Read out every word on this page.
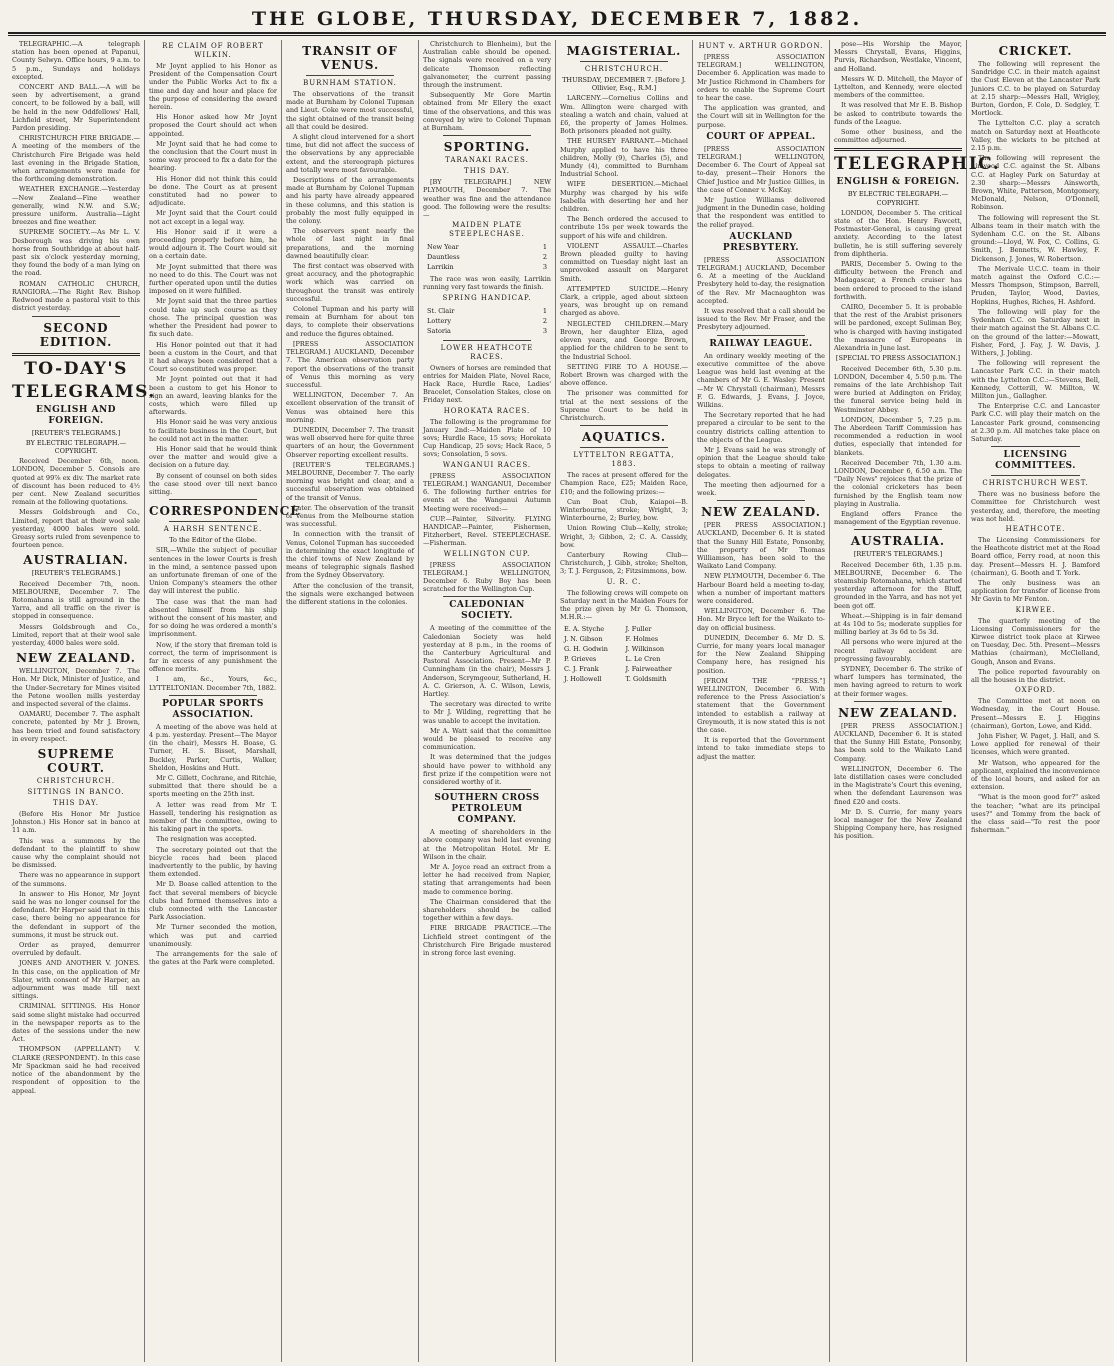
THE GLOBE, THURSDAY, DECEMBER 7, 1882.

TELEGRAPHIC.—A telegraph station has been opened at Papanui, County Selwyn. Office hours, 9 a.m. to 5 p.m., Sundays and holidays excepted.

CONCERT AND BALL.—A will be seen by advertisement, a grand concert, to be followed by a ball, will be held in the new Oddfellows' Hall, Lichfield street, Mr Superintendent Pardon presiding.

CHRISTCHURCH FIRE BRIGADE.—A meeting of the members of the Christchurch Fire Brigade was held last evening in the Brigade Station, when arrangements were made for the forthcoming demonstration.

WEATHER EXCHANGE.—Yesterday—New Zealand—Fine weather generally, wind N.W. and S.W.; pressure uniform. Australia—Light breezes and fine weather.

SUPREME SOCIETY.—As Mr L. V. Desborough was driving his own horse from Southbridge at about half-past six o'clock yesterday morning, they found the body of a man lying on the road.

ROMAN CATHOLIC CHURCH, RANGIORA.—The Right Rev. Bishop Redwood made a pastoral visit to this district yesterday.

SECOND EDITION.
TO-DAY'S
TELEGRAMS.
ENGLISH AND FOREIGN.
[REUTER'S TELEGRAMS.]
BY ELECTRIC TELEGRAPH.—COPYRIGHT.

Received December 6th, noon. LONDON, December 5. Consols are quoted at 99⅞ ex div. The market rate of discount has been reduced to 4½ per cent. New Zealand securities remain at the following quotations.

Messrs Goldsbrough and Co., Limited, report that at their wool sale yesterday, 4000 bales were sold. Greasy sorts ruled from sevenpence to fourteen pence.

AUSTRALIAN.
[REUTER'S TELEGRAMS.]

Received December 7th, noon. MELBOURNE, December 7. The Rotomahana is still aground in the Yarra, and all traffic on the river is stopped in consequence.

Messrs Goldsbrough and Co., Limited, report that at their wool sale yesterday, 4000 bales were sold.

NEW ZEALAND.

WELLINGTON, December 7. The Hon. Mr Dick, Minister of Justice, and the Under-Secretary for Mines visited the Petone woollen mills yesterday and inspected several of the claims.

OAMARU, December 7. The asphalt concrete, patented by Mr J. Brown, has been tried and found satisfactory in every respect.

SUPREME COURT.
CHRISTCHURCH.
SITTINGS IN BANCO.
THIS DAY.

(Before His Honor Mr Justice Johnston.) His Honor sat in banco at 11 a.m.

This was a summons by the defendant to the plaintiff to show cause why the complaint should not be dismissed.

There was no appearance in support of the summons.

In answer to His Honor, Mr Joynt said he was no longer counsel for the defendant. Mr Harper said that in this case, there being no appearance for the defendant in support of the summons, it must be struck out.

Order as prayed, demurrer overruled by default.

JONES AND ANOTHER V. JONES. In this case, on the application of Mr Slater, with consent of Mr Harper, an adjournment was made till next sittings.

CRIMINAL SITTINGS. His Honor said some slight mistake had occurred in the newspaper reports as to the dates of the sessions under the new Act.

THOMPSON (APPELLANT) V. CLARKE (RESPONDENT). In this case Mr Spackman said he had received notice of the abandonment by the respondent of opposition to the appeal.

RE CLAIM OF ROBERT WILKIN.

Mr Joynt applied to his Honor as President of the Compensation Court under the Public Works Act to fix a time and day and hour and place for the purpose of considering the award herein.

His Honor asked how Mr Joynt proposed the Court should act when appointed.

Mr Joynt said that he had come to the conclusion that the Court must in some way proceed to fix a date for the hearing.

His Honor did not think this could be done. The Court as at present constituted had no power to adjudicate.

Mr Joynt said that the Court could not act except in a legal way.

His Honor said if it were a proceeding properly before him, he would adjourn it. The Court would sit on a certain date.

Mr Joynt submitted that there was no need to do this. The Court was not further operated upon until the duties imposed on it were fulfilled.

Mr Joynt said that the three parties could take up such course as they chose. The principal question was whether the President had power to fix such date.

His Honor pointed out that it had been a custom in the Court, and that it had always been considered that a Court so constituted was proper.

Mr Joynt pointed out that it had been a custom to get his Honor to sign an award, leaving blanks for the costs, which were filled up afterwards.

His Honor said he was very anxious to facilitate business in the Court, but he could not act in the matter.

His Honor said that he would think over the matter and would give a decision on a future day.

By consent of counsel on both sides the case stood over till next banco sitting.

CORRESPONDENCE
A HARSH SENTENCE.
To the Editor of the Globe.

SIR,—While the subject of peculiar sentences in the lower Courts is fresh in the mind, a sentence passed upon an unfortunate fireman of one of the Union Company's steamers the other day will interest the public.

The case was that the man had absented himself from his ship without the consent of his master, and for so doing he was ordered a month's imprisonment.

Now, if the story that fireman told is correct, the term of imprisonment is far in excess of any punishment the offence merits.

I am, &c., Yours, &c., LYTTELTONIAN. December 7th, 1882.

POPULAR SPORTS ASSOCIATION.

A meeting of the above was held at 4 p.m. yesterday. Present—The Mayor (in the chair), Messrs H. Boase, G. Turner, H. S. Bisset, Marshall, Buckley, Parker, Curtis, Walker, Sheldon, Hoskins and Hutt.

Mr C. Gillett, Cochrane, and Ritchie, submitted that there should be a sports meeting on the 25th inst.

A letter was read from Mr T. Hassell, tendering his resignation as member of the committee, owing to his taking part in the sports.

The resignation was accepted.

The secretary pointed out that the bicycle races had been placed inadvertently to the public, by having them extended.

Mr D. Boase called attention to the fact that several members of bicycle clubs had formed themselves into a club connected with the Lancaster Park Association.

Mr Turner seconded the motion, which was put and carried unanimously.

The arrangements for the sale of the gates at the Park were completed.

TRANSIT OF VENUS.
BURNHAM STATION.

The observations of the transit made at Burnham by Colonel Tupman and Lieut. Coke were most successful, the sight obtained of the transit being all that could be desired.

A slight cloud intervened for a short time, but did not affect the success of the observations by any appreciable extent, and the stereograph pictures and totally were most favourable.

Descriptions of the arrangements made at Burnham by Colonel Tupman and his party have already appeared in these columns, and this station is probably the most fully equipped in the colony.

The observers spent nearly the whole of last night in final preparations, and the morning dawned beautifully clear.

The first contact was observed with great accuracy, and the photographic work which was carried on throughout the transit was entirely successful.

Colonel Tupman and his party will remain at Burnham for about ten days, to complete their observations and reduce the figures obtained.

[PRESS ASSOCIATION TELEGRAM.] AUCKLAND, December 7. The American observation party report the observations of the transit of Venus this morning as very successful.

WELLINGTON, December 7. An excellent observation of the transit of Venus was obtained here this morning.

DUNEDIN, December 7. The transit was well observed here for quite three quarters of an hour, the Government Observer reporting excellent results.

[REUTER'S TELEGRAMS.] MELBOURNE, December 7. The early morning was bright and clear, and a successful observation was obtained of the transit of Venus.

Later. The observation of the transit of Venus from the Melbourne station was successful.

In connection with the transit of Venus, Colonel Tupman has succeeded in determining the exact longitude of the chief towns of New Zealand by means of telegraphic signals flashed from the Sydney Observatory.

After the conclusion of the transit, the signals were exchanged between the different stations in the colonies.

Christchurch to Blenheim), but the Australian cable should be opened. The signals were received on a very delicate Thomson reflecting galvanometer, the current passing through the instrument.

Subsequently Mr Gore Martin obtained from Mr Ellery the exact time of the observations, and this was conveyed by wire to Colonel Tupman at Burnham.

SPORTING.
TARANAKI RACES.
THIS DAY.

[BY TELEGRAPH.] NEW PLYMOUTH, December 7. The weather was fine and the attendance good. The following were the results:—

MAIDEN PLATE STEEPLECHASE.
New Year	1
Dauntless	2
Larrikin	3

The race was won easily, Larrikin running very fast towards the finish.

SPRING HANDICAP.
St. Clair	1
Lottery	2
Satoria	3
LOWER HEATHCOTE RACES.

Owners of horses are reminded that entries for Maiden Plate, Novel Race, Hack Race, Hurdle Race, Ladies' Bracelet, Consolation Stakes, close on Friday next.

HOROKATA RACES.

The following is the programme for January 2nd:—Maiden Plate of 10 sovs; Hurdle Race, 15 sovs; Horokata Cup Handicap, 25 sovs; Hack Race, 5 sovs; Consolation, 5 sovs.

WANGANUI RACES.

[PRESS ASSOCIATION TELEGRAM.] WANGANUI, December 6. The following further entries for events at the Wanganui Autumn Meeting were received:—

CUP.—Painter, Silverity. FLYING HANDICAP.—Painter, Fishermen, Fitzherbert, Revel. STEEPLECHASE.—Fisherman.

WELLINGTON CUP.

[PRESS ASSOCIATION TELEGRAM.] WELLINGTON, December 6. Ruby Boy has been scratched for the Wellington Cup.

CALEDONIAN SOCIETY.

A meeting of the committee of the Caledonian Society was held yesterday at 8 p.m., in the rooms of the Canterbury Agricultural and Pastoral Association. Present—Mr P. Cunningham (in the chair), Messrs J. Anderson, Scrymgeour, Sutherland, H. A. C. Grierson, A. C. Wilson, Lewis, Hartley.

The secretary was directed to write to Mr J. Wilding, regretting that he was unable to accept the invitation.

Mr A. Watt said that the committee would be pleased to receive any communication.

It was determined that the judges should have power to withhold any first prize if the competition were not considered worthy of it.

SOUTHERN CROSS PETROLEUM COMPANY.

A meeting of shareholders in the above company was held last evening at the Metropolitan Hotel. Mr E. Wilson in the chair.

Mr A. Joyce read an extract from a letter he had received from Napier, stating that arrangements had been made to commence boring.

The Chairman considered that the shareholders should be called together within a few days.

FIRE BRIGADE PRACTICE.—The Lichfield street contingent of the Christchurch Fire Brigade mustered in strong force last evening.

MAGISTERIAL.
CHRISTCHURCH.
THURSDAY, DECEMBER 7. [Before J. Ollivier, Esq., R.M.]

LARCENY.—Cornelius Collins and Wm. Allington were charged with stealing a watch and chain, valued at £6, the property of James Holmes. Both prisoners pleaded not guilty.

THE HURSEY FARRANT.—Michael Murphy applied to have his three children, Molly (9), Charles (5), and Mundy (4), committed to Burnham Industrial School.

WIFE DESERTION.—Michael Murphy was charged by his wife Isabella with deserting her and her children.

The Bench ordered the accused to contribute 15s per week towards the support of his wife and children.

VIOLENT ASSAULT.—Charles Brown pleaded guilty to having committed on Tuesday night last an unprovoked assault on Margaret Smith.

ATTEMPTED SUICIDE.—Henry Clark, a cripple, aged about sixteen years, was brought up on remand charged as above.

NEGLECTED CHILDREN.—Mary Brown, her daughter Eliza, aged eleven years, and George Brown, applied for the children to be sent to the Industrial School.

SETTING FIRE TO A HOUSE.—Robert Brown was charged with the above offence.

The prisoner was committed for trial at the next sessions of the Supreme Court to be held in Christchurch.

AQUATICS.
LYTTELTON REGATTA, 1883.

The races at present offered for the Champion Race, £25; Maiden Race, £10; and the following prizes:—

Cun Boat Club, Kaiapoi—B. Winterbourne, stroke; Wright, 3; Winterbourne, 2; Burley, bow.

Union Rowing Club—Kelly, stroke; Wright, 3; Gibbon, 2; C. A. Cassidy, bow.

Canterbury Rowing Club—Christchurch, J. Gibb, stroke; Shelton, 3; T. J. Ferguson, 2; Fitzsimmons, bow.

U. R. C.

The following crews will compete on Saturday next in the Maiden Fours for the prize given by Mr G. Thomson, M.H.R.:—

E. A. Styche	J. Fuller
J. N. Gibson	F. Holmes
G. H. Godwin	J. Wilkinson
P. Grieves	L. Le Cren
C. J. Frank	J. Fairweather
J. Hollowell	T. Goldsmith
HUNT v. ARTHUR GORDON.

[PRESS ASSOCIATION TELEGRAM.] WELLINGTON, December 6. Application was made to Mr Justice Richmond in Chambers for orders to enable the Supreme Court to hear the case.

The application was granted, and the Court will sit in Wellington for the purpose.

COURT OF APPEAL.

[PRESS ASSOCIATION TELEGRAM.] WELLINGTON, December 6. The Court of Appeal sat to-day, present—Their Honors the Chief Justice and Mr Justice Gillies, in the case of Conner v. McKay.

Mr Justice Williams delivered judgment in the Dunedin case, holding that the respondent was entitled to the relief prayed.

AUCKLAND PRESBYTERY.

[PRESS ASSOCIATION TELEGRAM.] AUCKLAND, December 6. At a meeting of the Auckland Presbytery held to-day, the resignation of the Rev. Mr Macnaughton was accepted.

It was resolved that a call should be issued to the Rev. Mr Fraser, and the Presbytery adjourned.

RAILWAY LEAGUE.

An ordinary weekly meeting of the executive committee of the above League was held last evening at the chambers of Mr G. E. Wasley. Present—Mr W. Chrystall (chairman), Messrs F. G. Edwards, J. Evans, J. Joyce, Wilkins.

The Secretary reported that he had prepared a circular to be sent to the country districts calling attention to the objects of the League.

Mr J. Evans said he was strongly of opinion that the League should take steps to obtain a meeting of railway delegates.

The meeting then adjourned for a week.

NEW ZEALAND.

[PER PRESS ASSOCIATION.] AUCKLAND, December 6. It is stated that the Sunny Hill Estate, Ponsonby, the property of Mr Thomas Williamson, has been sold to the Waikato Land Company.

NEW PLYMOUTH, December 6. The Harbour Board held a meeting to-day, when a number of important matters were considered.

WELLINGTON, December 6. The Hon. Mr Bryce left for the Waikato to-day on official business.

DUNEDIN, December 6. Mr D. S. Currie, for many years local manager for the New Zealand Shipping Company here, has resigned his position.

[FROM THE "PRESS."] WELLINGTON, December 6. With reference to the Press Association's statement that the Government intended to establish a railway at Greymouth, it is now stated this is not the case.

It is reported that the Government intend to take immediate steps to adjust the matter.

pose—His Worship the Mayor, Messrs Chrystall, Evans, Higgins, Purvis, Richardson, Westlake, Vincent, and Holland.

Messrs W. D. Mitchell, the Mayor of Lyttelton, and Kennedy, were elected members of the committee.

It was resolved that Mr E. B. Bishop be asked to contribute towards the funds of the League.

Some other business, and the committee adjourned.

TELEGRAPHIC.
ENGLISH & FOREIGN.
BY ELECTRIC TELEGRAPH.—COPYRIGHT.

LONDON, December 5. The critical state of the Hon. Henry Fawcett, Postmaster-General, is causing great anxiety. According to the latest bulletin, he is still suffering severely from diphtheria.

PARIS, December 5. Owing to the difficulty between the French and Madagascar, a French cruiser has been ordered to proceed to the island forthwith.

CAIRO, December 5. It is probable that the rest of the Arabist prisoners will be pardoned, except Suliman Bey, who is charged with having instigated the massacre of Europeans in Alexandria in June last.

[SPECIAL TO PRESS ASSOCIATION.]

Received December 6th, 5.30 p.m. LONDON, December 4, 5.50 p.m. The remains of the late Archbishop Tait were buried at Addington on Friday, the funeral service being held in Westminster Abbey.

LONDON, December 5, 7.25 p.m. The Aberdeen Tariff Commission has recommended a reduction in wool duties, especially that intended for blankets.

Received December 7th, 1.30 a.m. LONDON, December 6, 6.50 a.m. The "Daily News" rejoices that the prize of the colonial cricketers has been furnished by the English team now playing in Australia.

England offers France the management of the Egyptian revenue.

AUSTRALIA.
[REUTER'S TELEGRAMS.]

Received December 6th, 1.35 p.m. MELBOURNE, December 6. The steamship Rotomahana, which started yesterday afternoon for the Bluff, grounded in the Yarra, and has not yet been got off.

Wheat.—Shipping is in fair demand at 4s 10d to 5s; moderate supplies for milling barley at 3s 6d to 5s 3d.

All persons who were injured at the recent railway accident are progressing favourably.

SYDNEY, December 6. The strike of wharf lumpers has terminated, the men having agreed to return to work at their former wages.

NEW ZEALAND.

[PER PRESS ASSOCIATION.] AUCKLAND, December 6. It is stated that the Sunny Hill Estate, Ponsonby, has been sold to the Waikato Land Company.

WELLINGTON, December 6. The late distillation cases were concluded in the Magistrate's Court this evening, when the defendant Laurenson was fined £20 and costs.

Mr D. S. Currie, for many years local manager for the New Zealand Shipping Company here, has resigned his position.

CRICKET.

The following will represent the Sandridge C.C. in their match against the Cust Eleven at the Lancaster Park Juniors C.C. to be played on Saturday at 2.15 sharp:—Messrs Hall, Wrigley, Burton, Gordon, F. Cole, D. Sedgley, T. Mortlock.

The Lyttelton C.C. play a scratch match on Saturday next at Heathcote Valley, the wickets to be pitched at 2.15 p.m.

The following will represent the Linwood C.C. against the St. Albans C.C. at Hagley Park on Saturday at 2.30 sharp:—Messrs Ainsworth, Brown, White, Patterson, Montgomery, McDonald, Nelson, O'Donnell, Robinson.

The following will represent the St. Albans team in their match with the Sydenham C.C. on the St. Albans ground:—Lloyd, W. Fox, C. Collins, G. Smith, J. Bennetts, W. Hawley, F. Dickenson, J. Jones, W. Robertson.

The Merivale U.C.C. team in their match against the Oxford C.C.:—Messrs Thompson, Stimpson, Barrell, Pruden, Taylor, Wood, Davies, Hopkins, Hughes, Riches, H. Ashford.

The following will play for the Sydenham C.C. on Saturday next in their match against the St. Albans C.C. on the ground of the latter:—Mowatt, Fisher, Ford, J. Fay, J. W. Davis, J. Withers, J. Jobling.

The following will represent the Lancaster Park C.C. in their match with the Lyttelton C.C.:—Stevens, Bell, Kennedy, Cotterill, W. Millton, W. Millton jun., Gallagher.

The Enterprise C.C. and Lancaster Park C.C. will play their match on the Lancaster Park ground, commencing at 2.30 p.m. All matches take place on Saturday.

LICENSING COMMITTEES.
CHRISTCHURCH WEST.

There was no business before the Committee for Christchurch west yesterday, and, therefore, the meeting was not held.

HEATHCOTE.

The Licensing Commissioners for the Heathcote district met at the Road Board office, Ferry road, at noon this day. Present—Messrs H. J. Bamford (chairman), G. Booth and T. York.

The only business was an application for transfer of license from Mr Gavin to Mr Fenton.

KIRWEE.

The quarterly meeting of the Licensing Commissioners for the Kirwee district took place at Kirwee on Tuesday, Dec. 5th. Present—Messrs Mathias (chairman), McClelland, Gough, Anson and Evans.

The police reported favourably on all the houses in the district.

OXFORD.

The Committee met at noon on Wednesday, in the Court House. Present—Messrs E. J. Higgins (chairman), Gorton, Lowe, and Kidd.

John Fisher, W. Paget, J. Hall, and S. Lowe applied for renewal of their licenses, which were granted.

Mr Watson, who appeared for the applicant, explained the inconvenience of the local hours, and asked for an extension.

"What is the moon good for?" asked the teacher; "what are its principal uses?" and Tommy from the back of the class said—"To rest the poor fisherman."
